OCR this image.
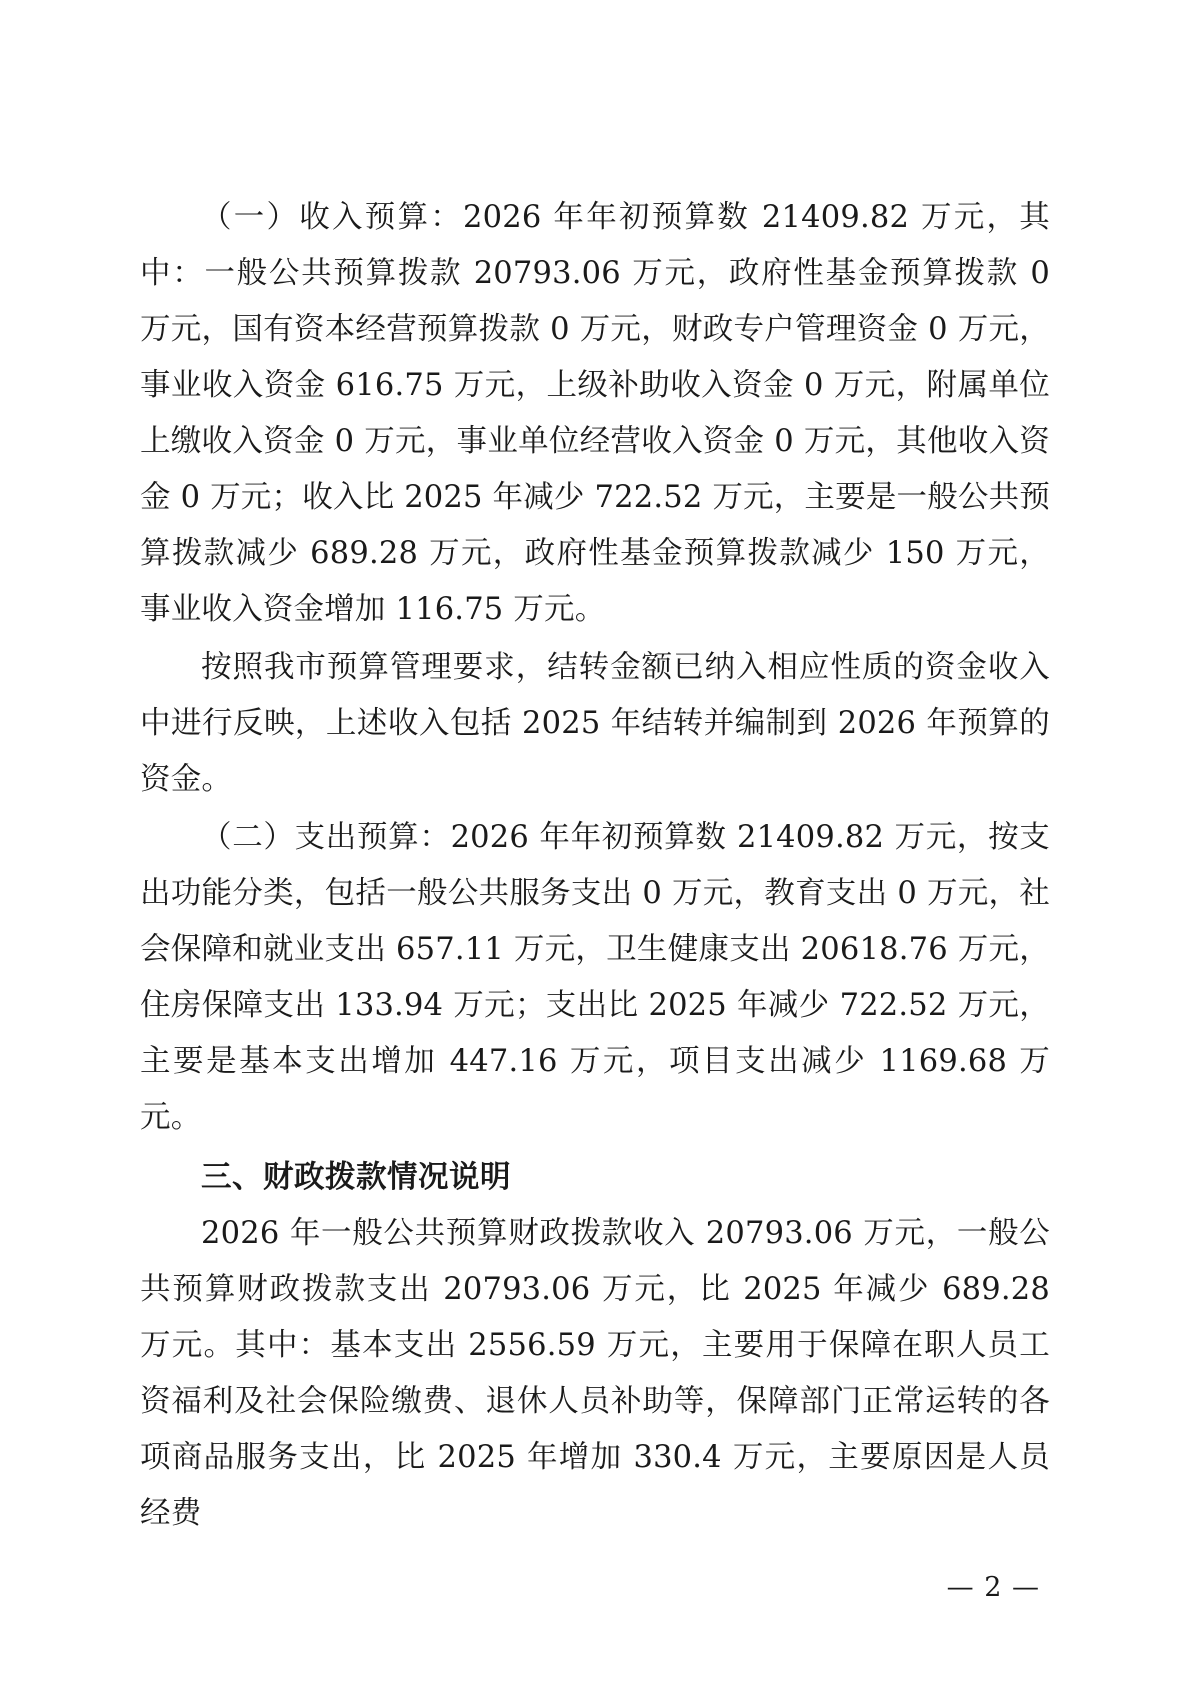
（一）收入预算：2026 年年初预算数 21409.82 万元，其中：一般公共预算拨款 20793.06 万元，政府性基金预算拨款 0 万元，国有资本经营预算拨款 0 万元，财政专户管理资金 0 万元，事业收入资金 616.75 万元，上级补助收入资金 0 万元，附属单位上缴收入资金 0 万元，事业单位经营收入资金 0 万元，其他收入资金 0 万元；收入比 2025 年减少 722.52 万元，主要是一般公共预算拨款减少 689.28 万元，政府性基金预算拨款减少 150 万元，事业收入资金增加 116.75 万元。

按照我市预算管理要求，结转金额已纳入相应性质的资金收入中进行反映，上述收入包括 2025 年结转并编制到 2026 年预算的资金。

（二）支出预算：2026 年年初预算数 21409.82 万元，按支出功能分类，包括一般公共服务支出 0 万元，教育支出 0 万元，社会保障和就业支出 657.11 万元，卫生健康支出 20618.76 万元，住房保障支出 133.94 万元；支出比 2025 年减少 722.52 万元，主要是基本支出增加 447.16 万元，项目支出减少 1169.68 万元。

三、财政拨款情况说明

2026 年一般公共预算财政拨款收入 20793.06 万元，一般公共预算财政拨款支出 20793.06 万元，比 2025 年减少 689.28 万元。其中：基本支出 2556.59 万元，主要用于保障在职人员工资福利及社会保险缴费、退休人员补助等，保障部门正常运转的各项商品服务支出，比 2025 年增加 330.4 万元，主要原因是人员经费

— 2 —
